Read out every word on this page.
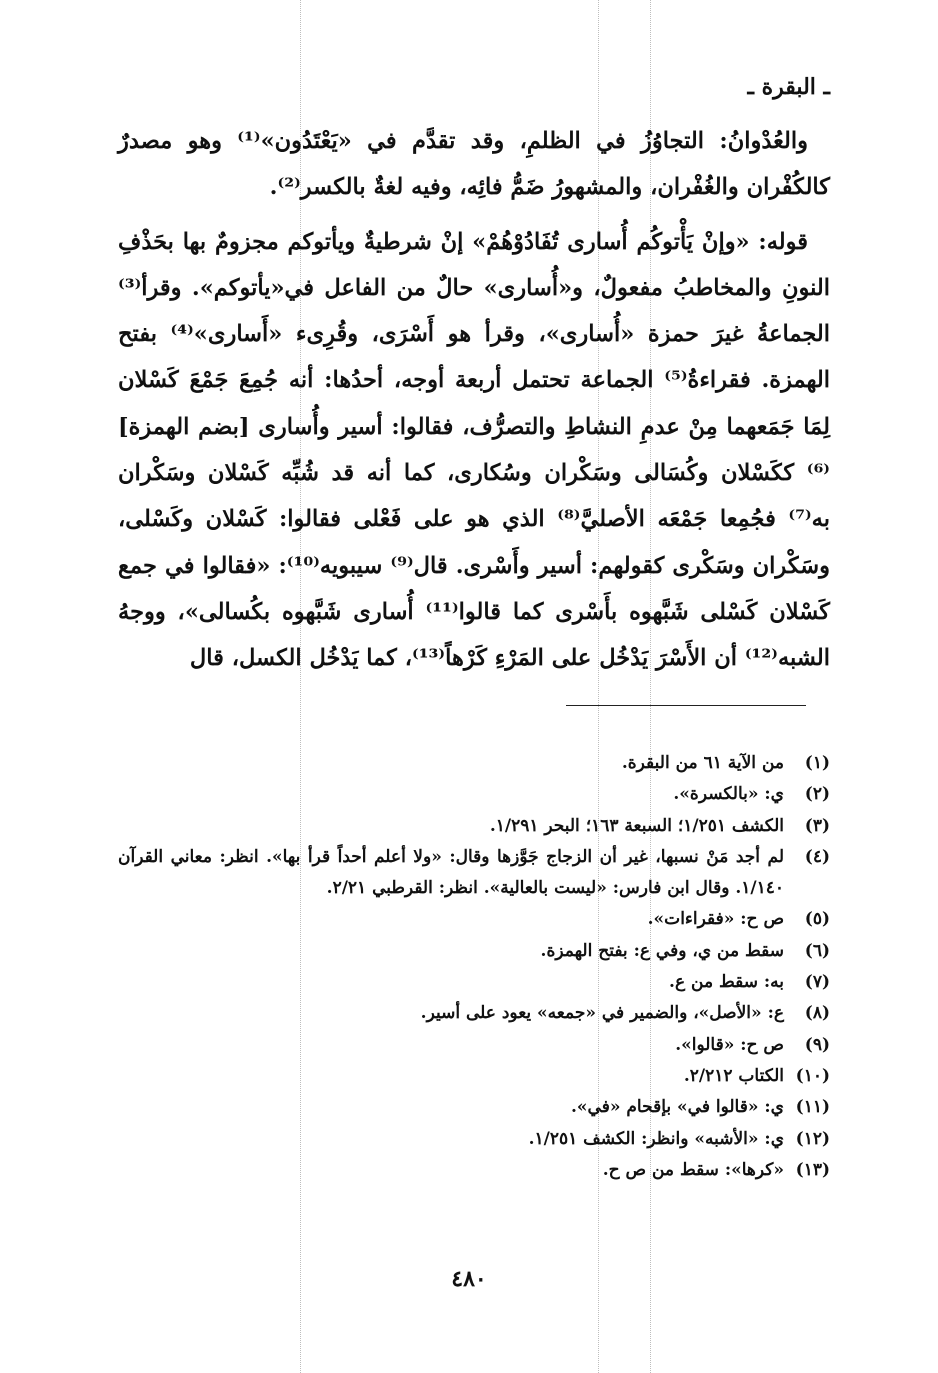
ـ البقرة ـ

والعُدْوانُ: التجاوُزُ في الظلمِ، وقد تقدَّم في «يَعْتَدُون»⁽¹⁾ وهو مصدرٌ كالكُفْران والغُفْران، والمشهورُ ضَمُّ فائِه، وفيه لغةٌ بالكسر⁽²⁾.

قوله: «وإنْ يَأْتوكُم أُسارى تُفَادُوْهُمْ» إنْ شرطيةٌ ويأتوكم مجزومٌ بها بحَذْفِ النونِ والمخاطبُ مفعولٌ، و«أُسارى» حالٌ من الفاعل في«يأتوكم». وقرأ⁽³⁾ الجماعةُ غيرَ حمزة «أُسارى»، وقرأ هو أَسْرَى، وقُرِىء «أَسارى»⁽⁴⁾ بفتح الهمزة. فقراءةُ⁽⁵⁾ الجماعة تحتمل أربعة أوجه، أحدُها: أنه جُمِعَ جَمْعَ كَسْلان لِمَا جَمَعهما مِنْ عدمِ النشاطِ والتصرُّف، فقالوا: أسير وأُسارى [بضم الهمزة]⁽⁶⁾ ككَسْلان وكُسَالى وسَكْران وسُكارى، كما أنه قد شُبِّه كَسْلان وسَكْران به⁽⁷⁾ فجُمِعا جَمْعَه الأصليَّ⁽⁸⁾ الذي هو على فَعْلى فقالوا: كَسْلان وكَسْلى، وسَكْران وسَكْرى كقولهم: أسير وأَسْرى. قال⁽⁹⁾ سيبويه⁽¹⁰⁾: «فقالوا في جمع كَسْلان كَسْلى شَبَّهوه بأَسْرى كما قالوا⁽¹¹⁾ أُسارى شَبَّهوه بكُسالى»، ووجهُ الشبه⁽¹²⁾ أن الأَسْرَ يَدْخُل على المَرْءِ كَرْهاً⁽¹³⁾، كما يَدْخُل الكسل، قال

(١)
من الآية ٦١ من البقرة.
(٢)
ي: «بالكسرة».
(٣)
الكشف ١/٢٥١؛ السبعة ١٦٣؛ البحر ١/٢٩١.
(٤)
لم أجد مَنْ نسبها، غير أن الزجاج جَوَّزها وقال: «ولا أعلم أحداً قرأ بها». انظر: معاني القرآن ١/١٤٠. وقال ابن فارس: «ليست بالعالية». انظر: القرطبي ٢/٢١.
(٥)
ص ح: «فقراءات».
(٦)
سقط من ي، وفي ع: بفتح الهمزة.
(٧)
به: سقط من ع.
(٨)
ع: «الأصل»، والضمير في «جمعه» يعود على أسير.
(٩)
ص ح: «قالوا».
(١٠)
الكتاب ٢/٢١٢.
(١١)
ي: «قالوا في» بإقحام «في».
(١٢)
ي: «الأشبه» وانظر: الكشف ١/٢٥١.
(١٣)
«كرها»: سقط من ص ح.
٤٨٠
